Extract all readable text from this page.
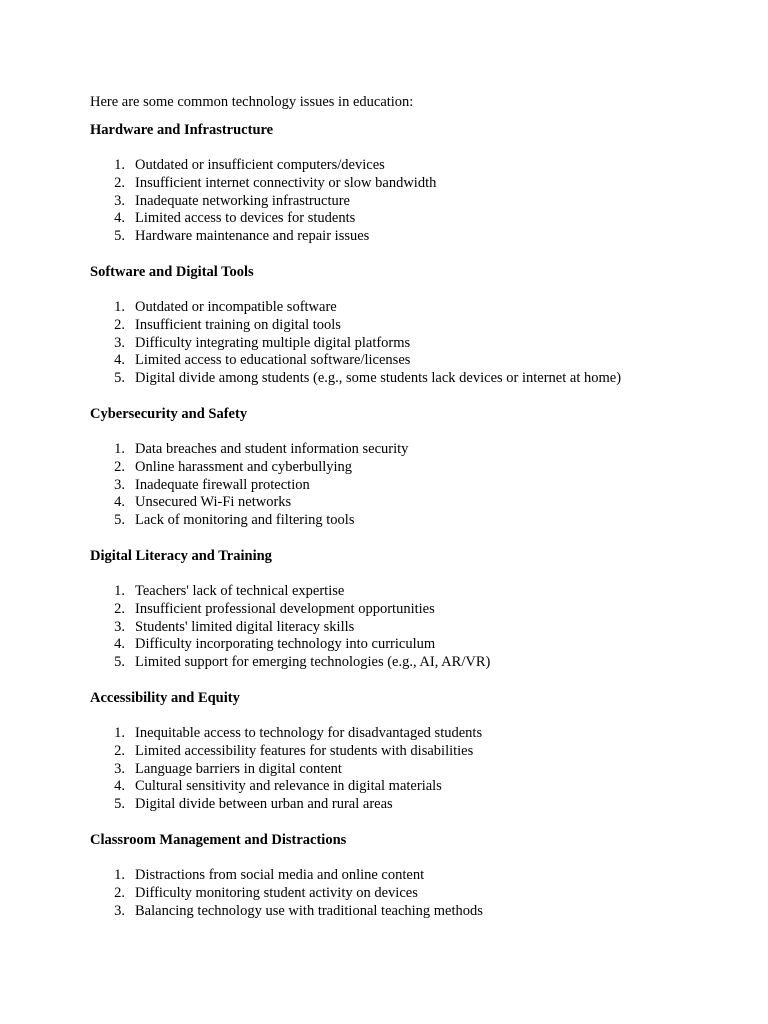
Here are some common technology issues in education:

Hardware and Infrastructure
1. Outdated or insufficient computers/devices
2. Insufficient internet connectivity or slow bandwidth
3. Inadequate networking infrastructure
4. Limited access to devices for students
5. Hardware maintenance and repair issues
Software and Digital Tools
1. Outdated or incompatible software
2. Insufficient training on digital tools
3. Difficulty integrating multiple digital platforms
4. Limited access to educational software/licenses
5. Digital divide among students (e.g., some students lack devices or internet at home)
Cybersecurity and Safety
1. Data breaches and student information security
2. Online harassment and cyberbullying
3. Inadequate firewall protection
4. Unsecured Wi-Fi networks
5. Lack of monitoring and filtering tools
Digital Literacy and Training
1. Teachers' lack of technical expertise
2. Insufficient professional development opportunities
3. Students' limited digital literacy skills
4. Difficulty incorporating technology into curriculum
5. Limited support for emerging technologies (e.g., AI, AR/VR)
Accessibility and Equity
1. Inequitable access to technology for disadvantaged students
2. Limited accessibility features for students with disabilities
3. Language barriers in digital content
4. Cultural sensitivity and relevance in digital materials
5. Digital divide between urban and rural areas
Classroom Management and Distractions
1. Distractions from social media and online content
2. Difficulty monitoring student activity on devices
3. Balancing technology use with traditional teaching methods
